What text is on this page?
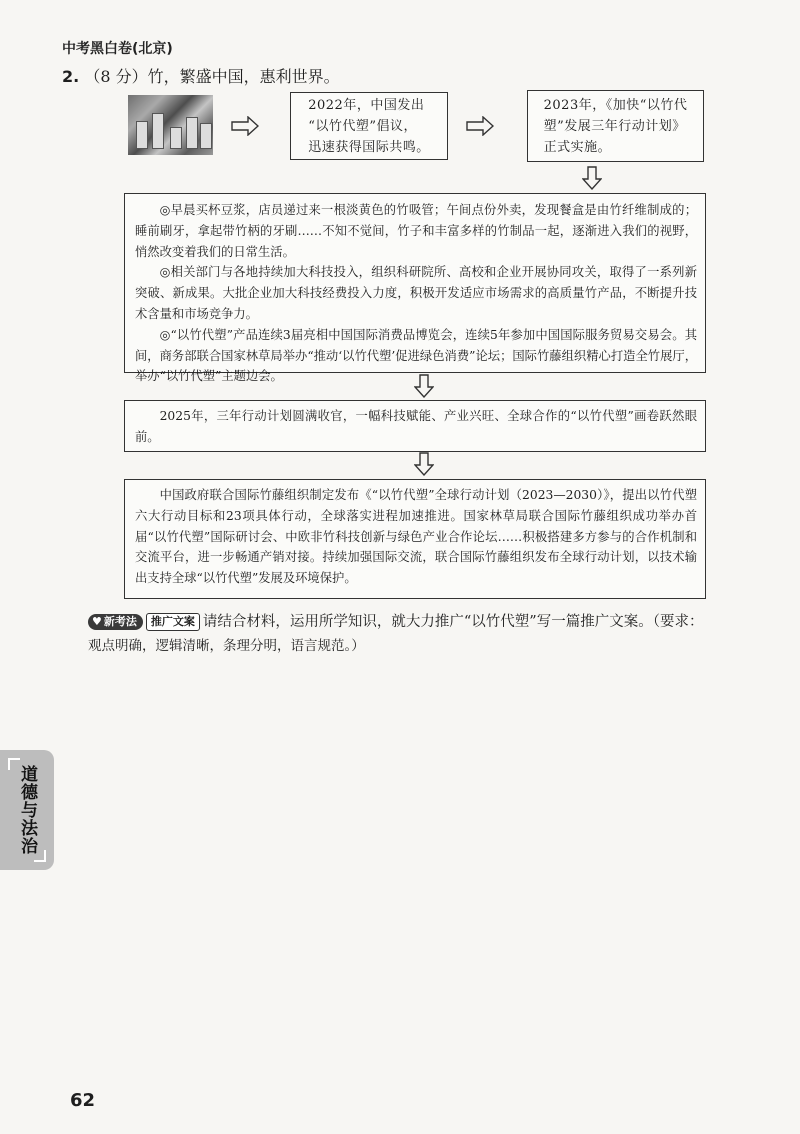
中考黑白卷(北京)
2. （8 分）竹，繁盛中国，惠利世界。
2022年，中国发出
“以竹代塑”倡议，
迅速获得国际共鸣。
2023年，《加快“以竹代
塑”发展三年行动计划》
正式实施。

◎早晨买杯豆浆，店员递过来一根淡黄色的竹吸管；午间点份外卖，发现餐盒是由竹纤维制成的；睡前刷牙，拿起带竹柄的牙刷……不知不觉间，竹子和丰富多样的竹制品一起，逐渐进入我们的视野，悄然改变着我们的日常生活。

◎相关部门与各地持续加大科技投入，组织科研院所、高校和企业开展协同攻关，取得了一系列新突破、新成果。大批企业加大科技经费投入力度，积极开发适应市场需求的高质量竹产品，不断提升技术含量和市场竞争力。

◎“以竹代塑”产品连续3届亮相中国国际消费品博览会，连续5年参加中国国际服务贸易交易会。其间，商务部联合国家林草局举办“推动‘以竹代塑’促进绿色消费”论坛；国际竹藤组织精心打造全竹展厅，举办“以竹代塑”主题边会。

2025年，三年行动计划圆满收官，一幅科技赋能、产业兴旺、全球合作的“以竹代塑”画卷跃然眼前。

中国政府联合国际竹藤组织制定发布《“以竹代塑”全球行动计划（2023—2030）》，提出以竹代塑六大行动目标和23项具体行动，全球落实进程加速推进。国家林草局联合国际竹藤组织成功举办首届“以竹代塑”国际研讨会、中欧非竹科技创新与绿色产业合作论坛……积极搭建多方参与的合作机制和交流平台，进一步畅通产销对接。持续加强国际交流，联合国际竹藤组织发布全球行动计划，以技术输出支持全球“以竹代塑”发展及环境保护。

♥ 新考法 推广文案 请结合材料，运用所学知识，就大力推广“以竹代塑”写一篇推广文案。（要求：
观点明确，逻辑清晰，条理分明，语言规范。）
道德与法治
62
